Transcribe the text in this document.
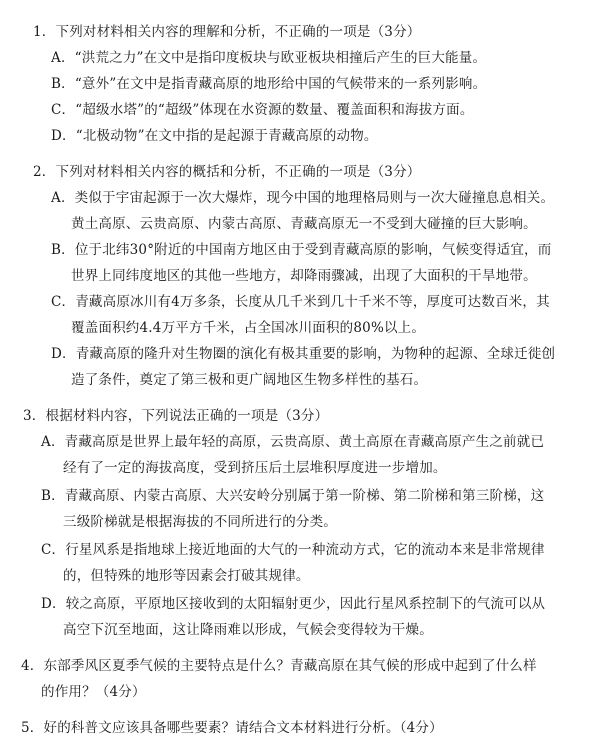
1．下列对材料相关内容的理解和分析，不正确的一项是（3分）
A．“洪荒之力”在文中是指印度板块与欧亚板块相撞后产生的巨大能量。
B．“意外”在文中是指青藏高原的地形给中国的气候带来的一系列影响。
C．“超级水塔”的“超级”体现在水资源的数量、覆盖面积和海拔方面。
D．“北极动物”在文中指的是起源于青藏高原的动物。
2．下列对材料相关内容的概括和分析，不正确的一项是（3分）
A．类似于宇宙起源于一次大爆炸，现今中国的地理格局则与一次大碰撞息息相关。
黄土高原、云贵高原、内蒙古高原、青藏高原无一不受到大碰撞的巨大影响。
B．位于北纬30°附近的中国南方地区由于受到青藏高原的影响，气候变得适宜，而
世界上同纬度地区的其他一些地方，却降雨骤减，出现了大面积的干旱地带。
C．青藏高原冰川有4万多条，长度从几千米到几十千米不等，厚度可达数百米，其
覆盖面积约4.4万平方千米，占全国冰川面积的80%以上。
D．青藏高原的隆升对生物圈的演化有极其重要的影响，为物种的起源、全球迁徙创
造了条件，奠定了第三极和更广阔地区生物多样性的基石。
3．根据材料内容，下列说法正确的一项是（3分）
A．青藏高原是世界上最年轻的高原，云贵高原、黄土高原在青藏高原产生之前就已
经有了一定的海拔高度，受到挤压后土层堆积厚度进一步增加。
B．青藏高原、内蒙古高原、大兴安岭分别属于第一阶梯、第二阶梯和第三阶梯，这
三级阶梯就是根据海拔的不同所进行的分类。
C．行星风系是指地球上接近地面的大气的一种流动方式，它的流动本来是非常规律
的，但特殊的地形等因素会打破其规律。
D．较之高原，平原地区接收到的太阳辐射更少，因此行星风系控制下的气流可以从
高空下沉至地面，这让降雨难以形成，气候会变得较为干燥。
4．东部季风区夏季气候的主要特点是什么？青藏高原在其气候的形成中起到了什么样
的作用？（4分）
5．好的科普文应该具备哪些要素？请结合文本材料进行分析。（4分）
